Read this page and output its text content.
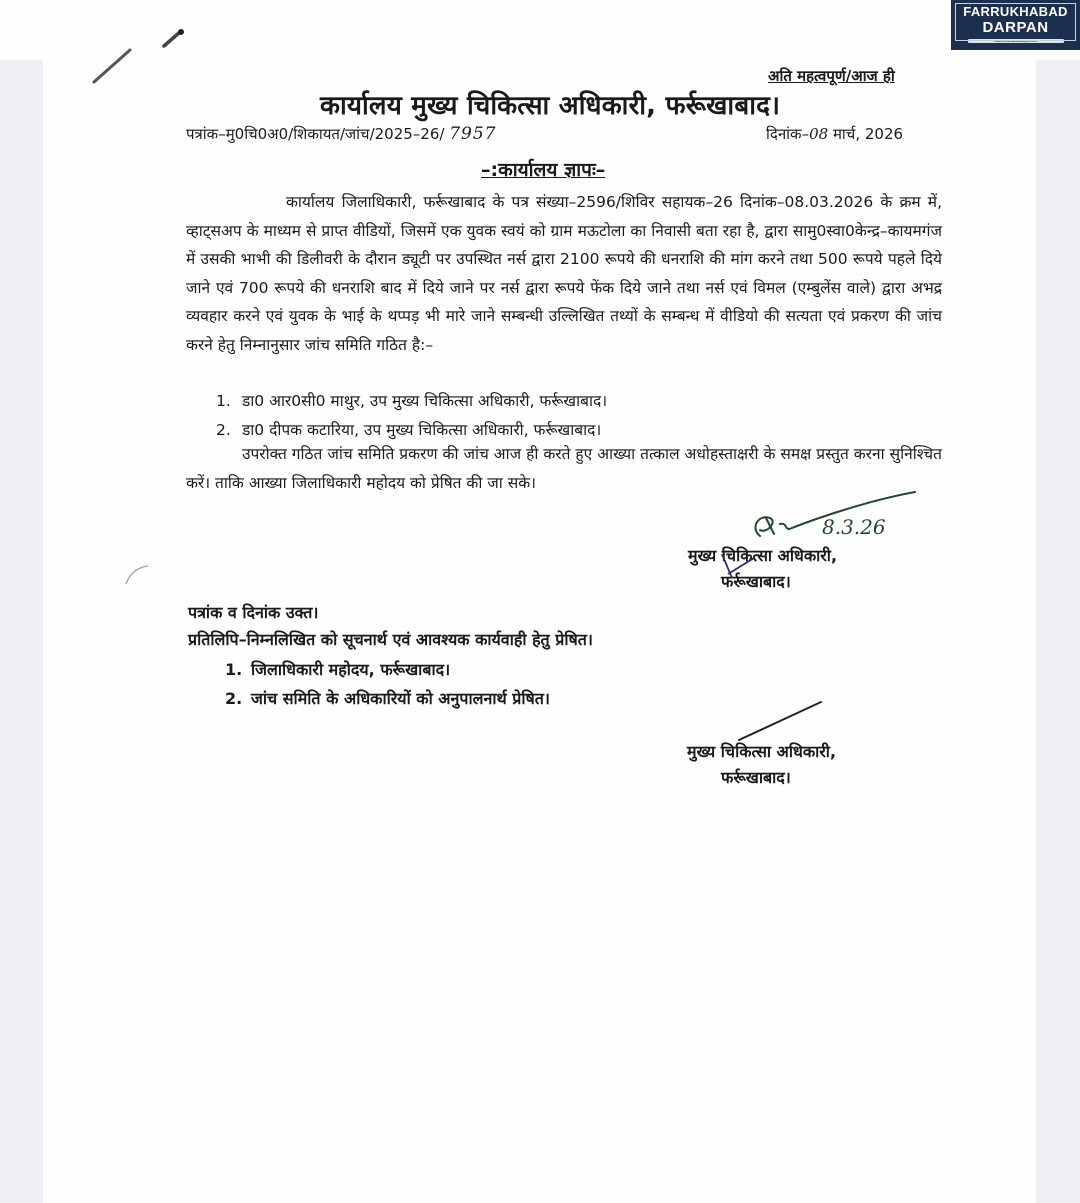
FARRUKHABAD
DARPAN
www.farrukhabaddarpan.com
अति महत्वपूर्ण/आज ही
कार्यालय मुख्य चिकित्सा अधिकारी, फर्रूखाबाद।
पत्रांक–मु0चि0अ0/शिकायत/जांच/2025–26/ 7957	दिनांक–08 मार्च, 2026
–:कार्यालय ज्ञापः–
कार्यालय जिलाधिकारी, फर्रूखाबाद के पत्र संख्या–2596/शिविर सहायक–26 दिनांक–08.03.2026 के क्रम में, व्हाट्सअप के माध्यम से प्राप्त वीडियों, जिसमें एक युवक स्वयं को ग्राम मऊटोला का निवासी बता रहा है, द्वारा सामु0स्वा0केन्द्र–कायमगंज में उसकी भाभी की डिलीवरी के दौरान ड्यूटी पर उपस्थित नर्स द्वारा 2100 रूपये की धनराशि की मांग करने तथा 500 रूपये पहले दिये जाने एवं 700 रूपये की धनराशि बाद में दिये जाने पर नर्स द्वारा रूपये फेंक दिये जाने तथा नर्स एवं विमल (एम्बुलेंस वाले) द्वारा अभद्र व्यवहार करने एवं युवक के भाई के थप्पड़ भी मारे जाने सम्बन्धी उल्लिखित तथ्यों के सम्बन्ध में वीडियो की सत्यता एवं प्रकरण की जांच करने हेतु निम्नानुसार जांच समिति गठित है:–
1. डा0 आर0सी0 माथुर, उप मुख्य चिकित्सा अधिकारी, फर्रूखाबाद।
2. डा0 दीपक कटारिया, उप मुख्य चिकित्सा अधिकारी, फर्रूखाबाद।
उपरोक्त गठित जांच समिति प्रकरण की जांच आज ही करते हुए आख्या तत्काल अधोहस्ताक्षरी के समक्ष प्रस्तुत करना सुनिश्चित करें। ताकि आख्या जिलाधिकारी महोदय को प्रेषित की जा सके।
8.3.26
मुख्य चिकित्सा अधिकारी,
फर्रूखाबाद।
पत्रांक व दिनांक उक्त।
प्रतिलिपि–निम्नलिखित को सूचनार्थ एवं आवश्यक कार्यवाही हेतु प्रेषित।
1. जिलाधिकारी महोदय, फर्रूखाबाद।
2. जांच समिति के अधिकारियों को अनुपालनार्थ प्रेषित।
मुख्य चिकित्सा अधिकारी,
फर्रूखाबाद।
